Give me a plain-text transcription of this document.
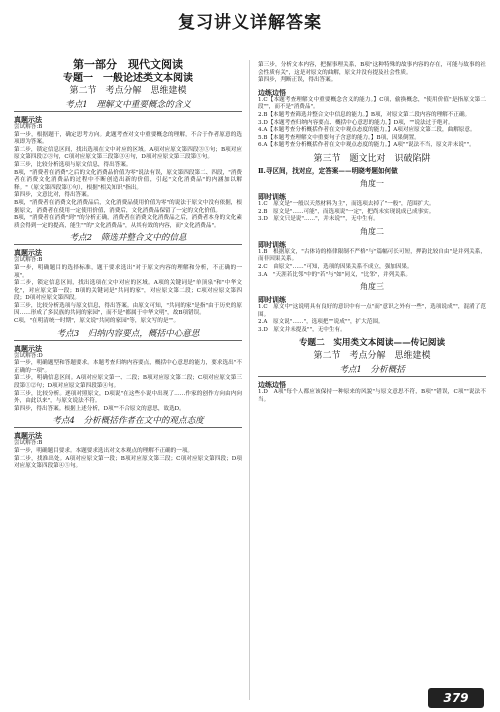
复习讲义详解答案

第一部分　现代文阅读

专题一　一般论述类文本阅读

第二节　考点分解　思维建模

考点1　理解文中重要概念的含义

真题示法

尝试解答:B

第一步，根据题干，确定思考方向。此题考查对文中重要概念的理解，不合于作者原意的选项即为答案。

第二步，锁定信息区间，找出选项在文中对应的区域。A项对应原文第四段③⑤句；B项对应原文第四段②③句，C项对应原文第三段第③④句，D项对应原文第三段第⑤句。

第三步，比较分析选项与原文信息，得出答案。

B项，"消费者在消费"之后的文化消费品价值为零"说法有误，原文第四段第二、四段，"消费者在消费文化消费品的过程中不断创造出新的价值，引起"文化消费品"的内涵加以解释。"（原文第四段第①句），根据"相关知识"指出。

第四步，文意比对，得出答案。

B项，"消费者在消费文化消费品后，文化消费品使用价值为零"的说法于原文中没有依据，根据原文，消费者在使用一定使用价值，消费后，文化消费品保留了一定的文化价值。

B项，"消费者在消费"到""的分析正确，消费者在消费文化消费品之后，消费者本身的文化素质会得到一定的提高，能生""的"文化消费品"，从其有效的内容，而"文化消费品"。

考点2　筛选并整合文中的信息

真题示法

尝试解答:B

第一步，明确题目的选择标准，题干要求选出"对于原文内容的理解和分析，不正确的一项"。

第二步，锁定信息区间，找出选项在文中对应的区域。A项的关键词是"单顶泉"和"中华文化"，对应原文第一段；B项的关键词是"共同的家"，对应原文第二段；C项对应原文第四段；D项对应原文第四段。

第三步，比较分析选项与原文信息，得出答案。由原文可知，"共同的家"是指"由于历史的原因……形成了多民族的共同的家园"，而不是"都属于中华文明"，故B项错误。

C项，"在明清统一时期"，原文说"共同的家园"等，原文写的是""。

考点3　归纳内容要点，概括中心意思

真题示法

尝试解答:D

第一步，明确题型和答题要求。本题考查归纳内容要点，概括中心意思的能力，要求选出"不正确的一项"。

第二步，明确信息区间。A项对应原文第一、二段；B项对应原文第二段；C项对应原文第三段第①②句；D项对应原文第四段第④句。

第三步，比较分析。逐项对照原文，D项说"在这些小说中出现了……作家的创作方向由内向外，由此以来"，与原文说法不符。

第四步，得出答案。根据上述分析，D项""不合原文的意思，故选D。

考点4　分析概括作者在文中的观点态度

真题示法

尝试解答:B

第一步，明确题目要求。本题要求选出对文本观点的理解不正确的一项。

第二步，找准出处。A项对应原文第一段；B项对应原文第三段；C项对应原文第四段；D项对应原文第四段第④⑤句。

第三步，分析文本内容，把握事理关系，B项"这种特殊的故事内容的存在，可能与故事的社会性质有关"，这是对原文的曲解，原文并没有提及社会性质。

第四步，判断正误，得出答案。

边练边悟

1.C【本题考查理解文中重要概念含义的能力。】C项，偷换概念，"使用价值"是指原文第二段""，而不是"消费品"。

2.B【本题考查筛选并整合文中信息的能力。】B项，对原文第二段内容的理解不正确。

3.D【本题考查归纳内容要点、概括中心意思的能力。】D项，""说法过于绝对。

4.A【本题考查分析概括作者在文中观点态度的能力。】A项对应原文第二段，曲解原意。

5.B【本题考查理解文中重要句子含意的能力。】B项，因果倒置。

6.A【本题考查分析概括作者在文中观点态度的能力。】A项""说法不当，原文并未说""。

第三节　题文比对　识破陷阱

Ⅱ.寻区间，找对应，定答案——明晓考题如何做

角度一

即时训练

1.C　原文是"一般以天然材料为主"，而选项去掉了"一般"，范围扩大。

2.B　原文是"……可能"，而选项说"一定"，把尚未实现说成已成事实。

3.D　原文只是说"……"，并未说""，无中生有。

角度二

即时训练

1.B　根据原文，"古体诗的格律限制不严格"与"篇幅可长可短，押韵比较自由"是并列关系，而非因果关系。

2.C　由原文"……"可知，选项的因果关系不成立，强加因果。

3.A　"天涯若比邻"中的"若"与"如"同义，"比邻"，并列关系。

角度三

即时训练

1.C　原文中"这说明具有良好的意识中有一点"而"意识之外有一些"，选项说成""，混淆了范围。

2.A　原文说"……"，选项把""说成""，扩大范围。

3.D　原文并未提及""，无中生有。

专题二　实用类文本阅读——传记阅读

第二节　考点分解　思维建模

考点1　分析概括

边练边悟

1.D　A项"每个人都应该保持一种原来的风貌"与原文意思不符，B项""错误，C项""说法不当。

379
